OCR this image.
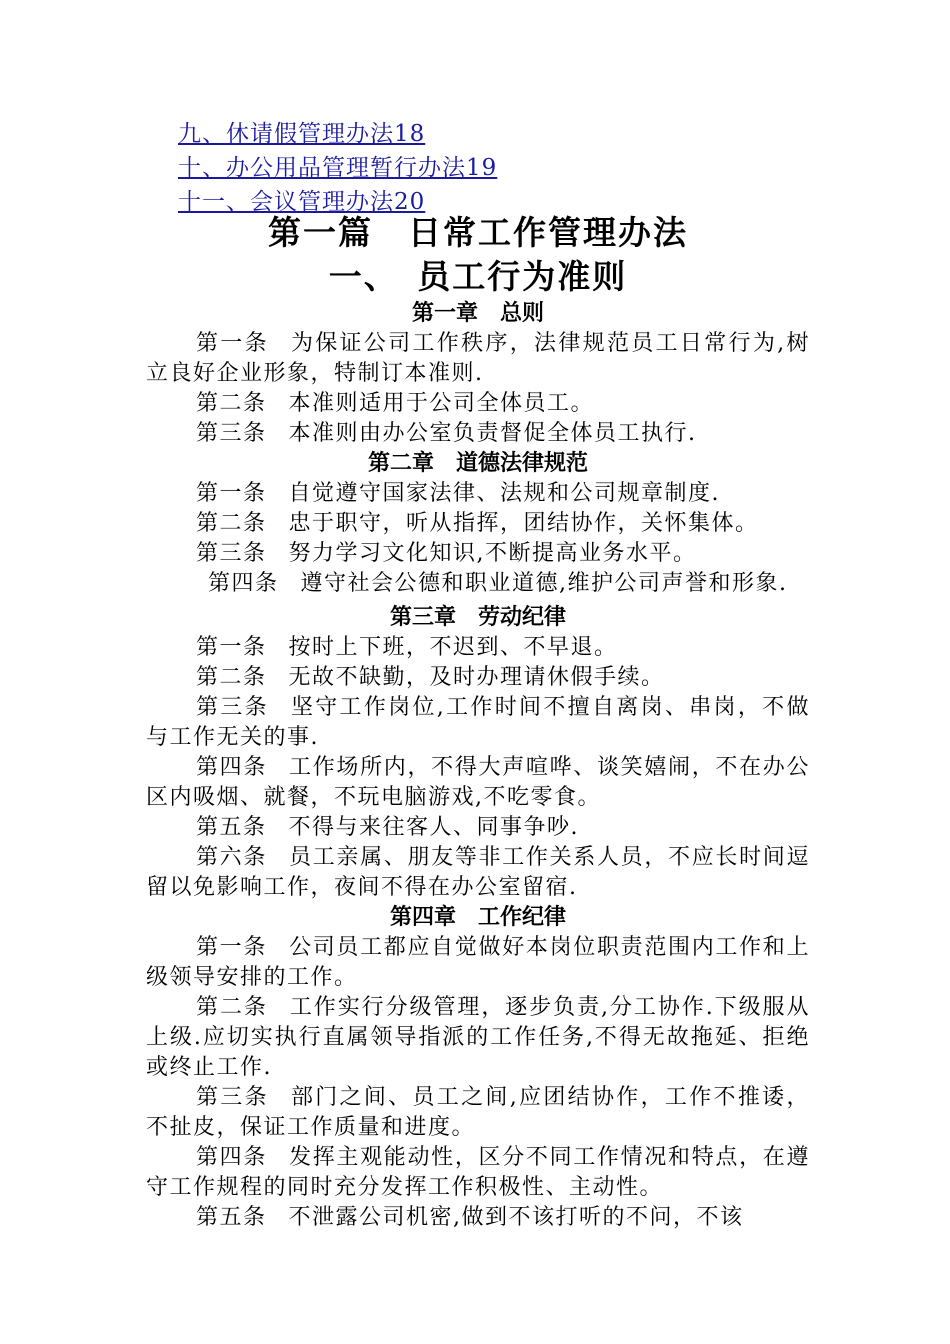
九、休请假管理办法18
十、办公用品管理暂行办法19
十一、会议管理办法20
第一篇　日常工作管理办法
一、　员工行为准则
第一章　总则

第一条 为保证公司工作秩序，法律规范员工日常行为,树立良好企业形象，特制订本准则.

第二条 本准则适用于公司全体员工。

第三条 本准则由办公室负责督促全体员工执行.

第二章　道德法律规范

第一条 自觉遵守国家法律、法规和公司规章制度.

第二条 忠于职守，听从指挥，团结协作，关怀集体。

第三条 努力学习文化知识,不断提高业务水平。

第四条 遵守社会公德和职业道德,维护公司声誉和形象.

第三章　劳动纪律

第一条 按时上下班，不迟到、不早退。

第二条 无故不缺勤，及时办理请休假手续。

第三条 坚守工作岗位,工作时间不擅自离岗、串岗，不做与工作无关的事.

第四条 工作场所内，不得大声喧哗、谈笑嬉闹，不在办公区内吸烟、就餐，不玩电脑游戏,不吃零食。

第五条 不得与来往客人、同事争吵.

第六条 员工亲属、朋友等非工作关系人员，不应长时间逗留以免影响工作，夜间不得在办公室留宿.

第四章　工作纪律

第一条 公司员工都应自觉做好本岗位职责范围内工作和上级领导安排的工作。

第二条 工作实行分级管理，逐步负责,分工协作.下级服从上级.应切实执行直属领导指派的工作任务,不得无故拖延、拒绝或终止工作.

第三条 部门之间、员工之间,应团结协作，工作不推诿，不扯皮，保证工作质量和进度。

第四条 发挥主观能动性，区分不同工作情况和特点，在遵守工作规程的同时充分发挥工作积极性、主动性。

第五条 不泄露公司机密,做到不该打听的不问，不该
